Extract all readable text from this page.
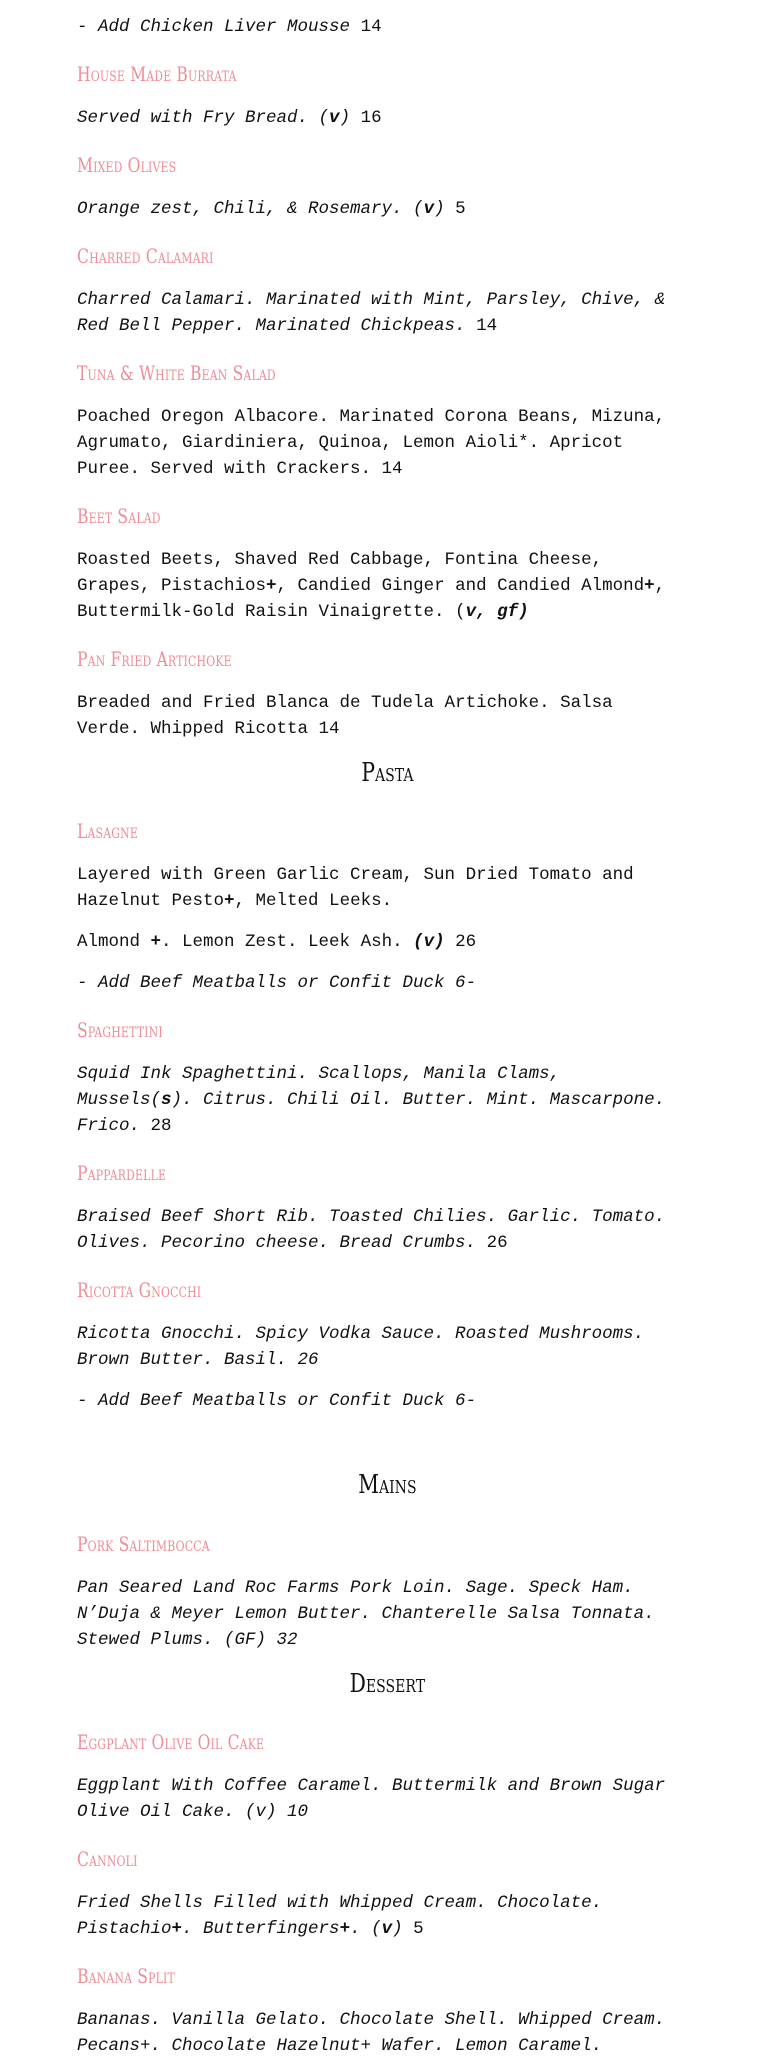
- Add Chicken Liver Mousse 14
House Made Burrata
Served with Fry Bread. (v) 16
Mixed Olives
Orange zest, Chili, & Rosemary. (v) 5
Charred Calamari
Charred Calamari. Marinated with Mint, Parsley, Chive, &
Red Bell Pepper. Marinated Chickpeas. 14
Tuna & White Bean Salad
Poached Oregon Albacore. Marinated Corona Beans, Mizuna,
Agrumato, Giardiniera, Quinoa, Lemon Aioli*. Apricot
Puree. Served with Crackers. 14
Beet Salad
Roasted Beets, Shaved Red Cabbage, Fontina Cheese,
Grapes, Pistachios+, Candied Ginger and Candied Almond+,
Buttermilk-Gold Raisin Vinaigrette. (v, gf)
Pan Fried Artichoke
Breaded and Fried Blanca de Tudela Artichoke. Salsa
Verde. Whipped Ricotta 14
Pasta
Lasagne
Layered with Green Garlic Cream, Sun Dried Tomato and
Hazelnut Pesto+, Melted Leeks.
Almond +. Lemon Zest. Leek Ash. (v) 26
- Add Beef Meatballs or Confit Duck 6-
Spaghettini
Squid Ink Spaghettini. Scallops, Manila Clams,
Mussels(s). Citrus. Chili Oil. Butter. Mint. Mascarpone.
Frico. 28
Pappardelle
Braised Beef Short Rib. Toasted Chilies. Garlic. Tomato.
Olives. Pecorino cheese. Bread Crumbs. 26
Ricotta Gnocchi
Ricotta Gnocchi. Spicy Vodka Sauce. Roasted Mushrooms.
Brown Butter. Basil. 26
- Add Beef Meatballs or Confit Duck 6-
Mains
Pork Saltimbocca
Pan Seared Land Roc Farms Pork Loin. Sage. Speck Ham.
N’Duja & Meyer Lemon Butter. Chanterelle Salsa Tonnata.
Stewed Plums. (GF) 32
Dessert
Eggplant Olive Oil Cake
Eggplant With Coffee Caramel. Buttermilk and Brown Sugar
Olive Oil Cake. (v) 10
Cannoli
Fried Shells Filled with Whipped Cream. Chocolate.
Pistachio+. Butterfingers+. (v) 5
Banana Split
Bananas. Vanilla Gelato. Chocolate Shell. Whipped Cream.
Pecans+. Chocolate Hazelnut+ Wafer. Lemon Caramel.
